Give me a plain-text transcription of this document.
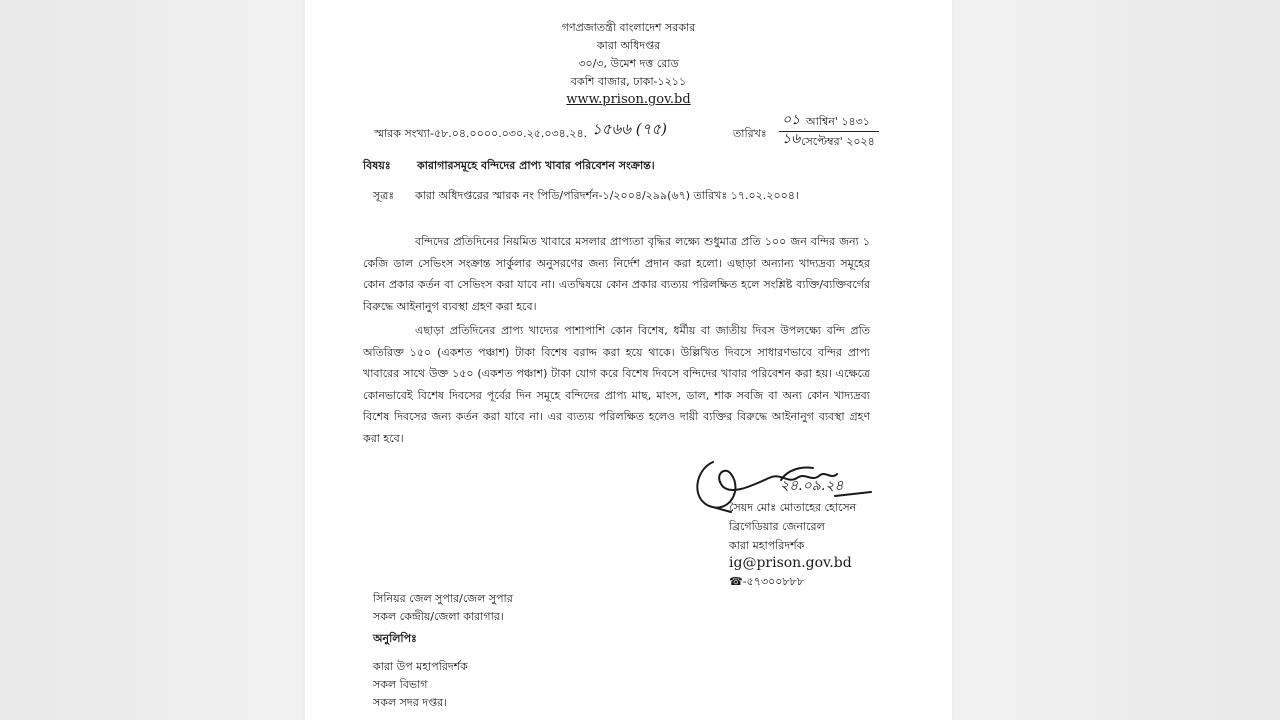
গণপ্রজাতন্ত্রী বাংলাদেশ সরকার
কারা অধিদপ্তর
৩০/৩, উমেশ দত্ত রোড
বকশি বাজার, ঢাকা-১২১১
www.prison.gov.bd
স্মারক সংখ্যা-৫৮.০৪.০০০০.০৩০.২৫.০৩৪.২৪. ১৫৬৬ (৭৫)	তারিখঃ
০১ আশ্বিন' ১৪৩১
১৬ সেপ্টেম্বর' ২০২৪
বিষয়ঃ কারাগারসমূহে বন্দিদের প্রাপ্য খাবার পরিবেশন সংক্রান্ত।
সূত্রঃ কারা অধিদপ্তরের স্মারক নং পিডি/পরিদর্শন-১/২০০৪/২৯৯(৬৭) তারিখঃ ১৭.০২.২০০৪।
বন্দিদের প্রতিদিনের নিয়মিত খাবারে মসলার প্রাপ্যতা বৃদ্ধির লক্ষ্যে শুধুমাত্র প্রতি ১০০ জন বন্দির জন্য ১ কেজি ডাল সেভিংস সংক্রান্ত সার্কুলার অনুসরণের জন্য নির্দেশ প্রদান করা হলো। এছাড়া অন্যান্য খাদ্যদ্রব্য সমূহের কোন প্রকার কর্তন বা সেভিংস করা যাবে না। এতদ্বিষয়ে কোন প্রকার ব্যত্যয় পরিলক্ষিত হলে সংশ্লিষ্ট ব্যক্তি/ব্যক্তিবর্গের বিরুদ্ধে আইনানুগ ব্যবস্থা গ্রহণ করা হবে।
এছাড়া প্রতিদিনের প্রাপ্য খাদ্যের পাশাপাশি কোন বিশেষ, ধর্মীয় বা জাতীয় দিবস উপলক্ষ্যে বন্দি প্রতি অতিরিক্ত ১৫০ (একশত পঞ্চাশ) টাকা বিশেষ বরাদ্দ করা হয়ে থাকে। উল্লিখিত দিবসে সাধারণভাবে বন্দির প্রাপ্য খাবারের সাথে উক্ত ১৫০ (একশত পঞ্চাশ) টাকা যোগ করে বিশেষ দিবসে বন্দিদের খাবার পরিবেশন করা হয়। এক্ষেত্রে কোনভাবেই বিশেষ দিবসের পূর্বের দিন সমূহে বন্দিদের প্রাপ্য মাছ, মাংস, ডাল, শাক সবজি বা অন্য কোন খাদ্যদ্রব্য বিশেষ দিবসের জন্য কর্তন করা যাবে না। এর ব্যত্যয় পরিলক্ষিত হলেও দায়ী ব্যক্তির বিরুদ্ধে আইনানুগ ব্যবস্থা গ্রহণ করা হবে।
২৪.০৯.২৪
সৈয়দ মোঃ মোতাহের হোসেন
ব্রিগেডিয়ার জেনারেল
কারা মহাপরিদর্শক
ig@prison.gov.bd
☎-৫৭৩০০৮৮৮
সিনিয়র জেল সুপার/জেল সুপার
সকল কেন্দ্রীয়/জেলা কারাগার।
অনুলিপিঃ
কারা উপ মহাপরিদর্শক
সকল বিভাগ
সকল সদর দপ্তর।
